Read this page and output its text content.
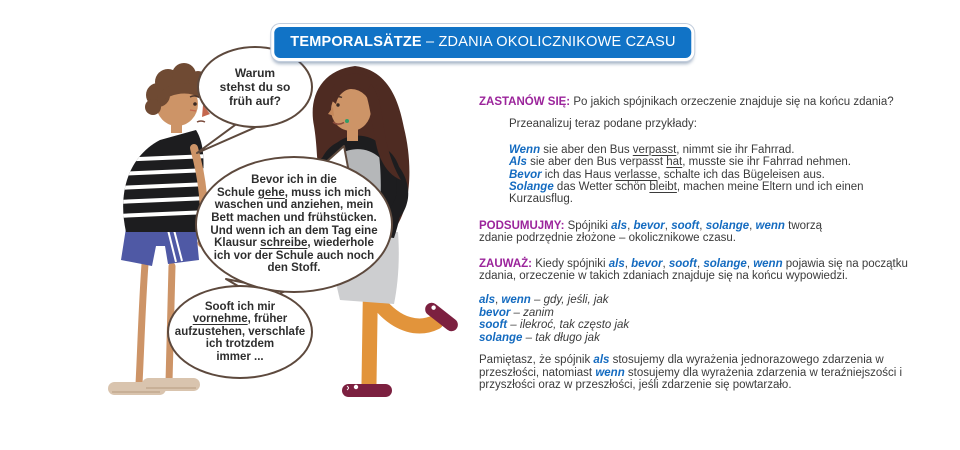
Warum
stehst du so
früh auf?

Bevor ich in die
Schule gehe, muss ich mich
waschen und anziehen, mein
Bett machen und frühstücken.
Und wenn ich an dem Tag eine
Klausur schreibe, wiederhole
ich vor der Schule auch noch
den Stoff.

Sooft ich mir
vornehme, früher
aufzustehen, verschlafe
ich trotzdem
immer ...

TEMPORALSÄTZE – ZDANIA OKOLICZNIKOWE CZASU

ZASTANÓW SIĘ: Po jakich spójnikach orzeczenie znajduje się na końcu zdania?

Przeanalizuj teraz podane przykłady:

Wenn sie aber den Bus verpasst, nimmt sie ihr Fahrrad.

Als sie aber den Bus verpasst hat, musste sie ihr Fahrrad nehmen.

Bevor ich das Haus verlasse, schalte ich das Bügeleisen aus.

Solange das Wetter schön bleibt, machen meine Eltern und ich einen
Kurzausflug.

PODSUMUJMY: Spójniki als, bevor, sooft, solange, wenn tworzą
zdanie podrzędnie złożone – okolicznikowe czasu.

ZAUWAŻ: Kiedy spójniki als, bevor, sooft, solange, wenn pojawia się na początku
zdania, orzeczenie w takich zdaniach znajduje się na końcu wypowiedzi.

als, wenn – gdy, jeśli, jak

bevor – zanim

sooft – ilekroć, tak często jak

solange – tak długo jak

Pamiętasz, że spójnik als stosujemy dla wyrażenia jednorazowego zdarzenia w
przeszłości, natomiast wenn stosujemy dla wyrażenia zdarzenia w teraźniejszości i
przyszłości oraz w przeszłości, jeśli zdarzenie się powtarzało.
